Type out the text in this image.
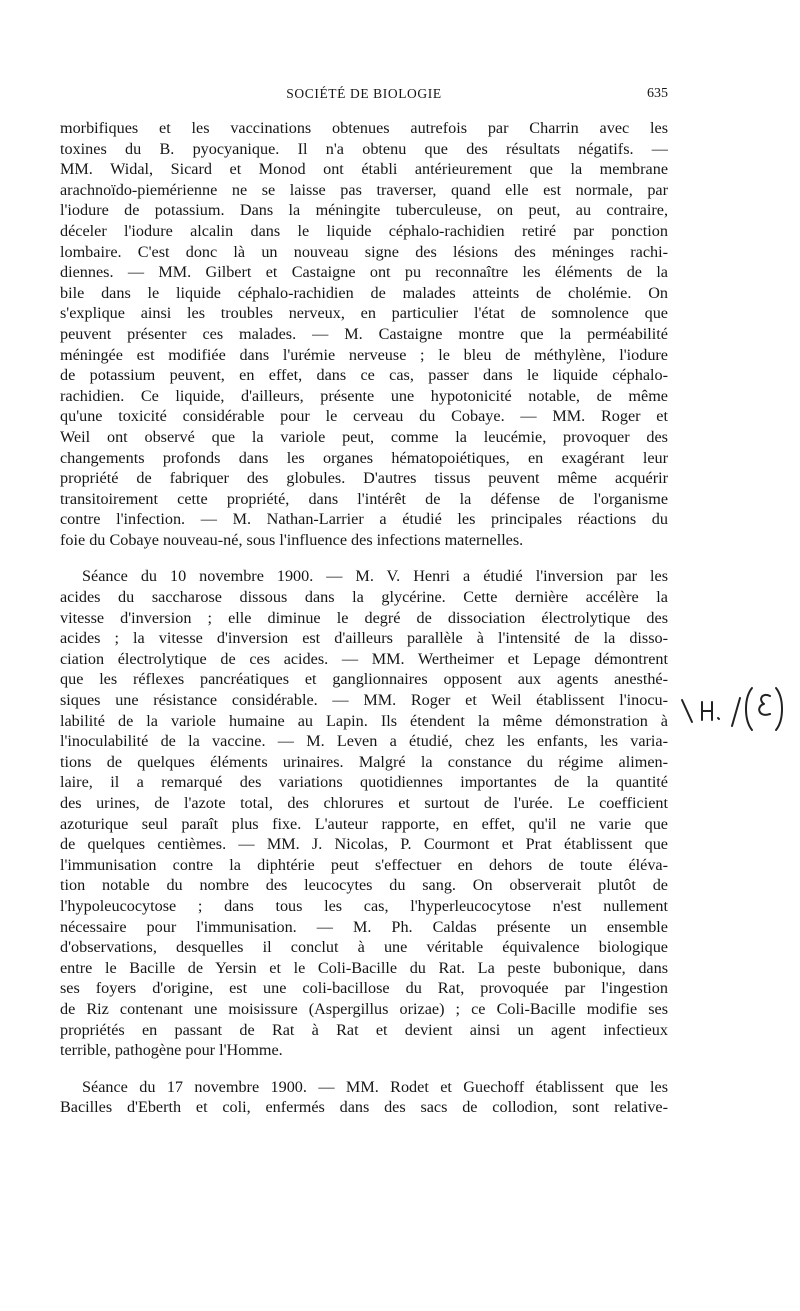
SOCIÉTÉ DE BIOLOGIE	635
morbifiques et les vaccinations obtenues autrefois par Charrin avec les
toxines du B. pyocyanique. Il n'a obtenu que des résultats négatifs. —
MM. Widal, Sicard et Monod ont établi antérieurement que la membrane
arachnoïdo-piemérienne ne se laisse pas traverser, quand elle est normale, par
l'iodure de potassium. Dans la méningite tuberculeuse, on peut, au contraire,
déceler l'iodure alcalin dans le liquide céphalo-rachidien retiré par ponction
lombaire. C'est donc là un nouveau signe des lésions des méninges rachi-
diennes. — MM. Gilbert et Castaigne ont pu reconnaître les éléments de la
bile dans le liquide céphalo-rachidien de malades atteints de cholémie. On
s'explique ainsi les troubles nerveux, en particulier l'état de somnolence que
peuvent présenter ces malades. — M. Castaigne montre que la perméabilité
méningée est modifiée dans l'urémie nerveuse ; le bleu de méthylène, l'iodure
de potassium peuvent, en effet, dans ce cas, passer dans le liquide céphalo-
rachidien. Ce liquide, d'ailleurs, présente une hypotonicité notable, de même
qu'une toxicité considérable pour le cerveau du Cobaye. — MM. Roger et
Weil ont observé que la variole peut, comme la leucémie, provoquer des
changements profonds dans les organes hématopoiétiques, en exagérant leur
propriété de fabriquer des globules. D'autres tissus peuvent même acquérir
transitoirement cette propriété, dans l'intérêt de la défense de l'organisme
contre l'infection. — M. Nathan-Larrier a étudié les principales réactions du
foie du Cobaye nouveau-né, sous l'influence des infections maternelles.
Séance du 10 novembre 1900. — M. V. Henri a étudié l'inversion par les
acides du saccharose dissous dans la glycérine. Cette dernière accélère la
vitesse d'inversion ; elle diminue le degré de dissociation électrolytique des
acides ; la vitesse d'inversion est d'ailleurs parallèle à l'intensité de la disso-
ciation électrolytique de ces acides. — MM. Wertheimer et Lepage démontrent
que les réflexes pancréatiques et ganglionnaires opposent aux agents anesthé-
siques une résistance considérable. — MM. Roger et Weil établissent l'inocu-
labilité de la variole humaine au Lapin. Ils étendent la même démonstration à
l'inoculabilité de la vaccine. — M. Leven a étudié, chez les enfants, les varia-
tions de quelques éléments urinaires. Malgré la constance du régime alimen-
laire, il a remarqué des variations quotidiennes importantes de la quantité
des urines, de l'azote total, des chlorures et surtout de l'urée. Le coefficient
azoturique seul paraît plus fixe. L'auteur rapporte, en effet, qu'il ne varie que
de quelques centièmes. — MM. J. Nicolas, P. Courmont et Prat établissent que
l'immunisation contre la diphtérie peut s'effectuer en dehors de toute éléva-
tion notable du nombre des leucocytes du sang. On observerait plutôt de
l'hypoleucocytose ; dans tous les cas, l'hyperleucocytose n'est nullement
nécessaire pour l'immunisation. — M. Ph. Caldas présente un ensemble
d'observations, desquelles il conclut à une véritable équivalence biologique
entre le Bacille de Yersin et le Coli-Bacille du Rat. La peste bubonique, dans
ses foyers d'origine, est une coli-bacillose du Rat, provoquée par l'ingestion
de Riz contenant une moisissure (Aspergillus orizae) ; ce Coli-Bacille modifie ses
propriétés en passant de Rat à Rat et devient ainsi un agent infectieux
terrible, pathogène pour l'Homme.
Séance du 17 novembre 1900. — MM. Rodet et Guechoff établissent que les
Bacilles d'Eberth et coli, enfermés dans des sacs de collodion, sont relative-
